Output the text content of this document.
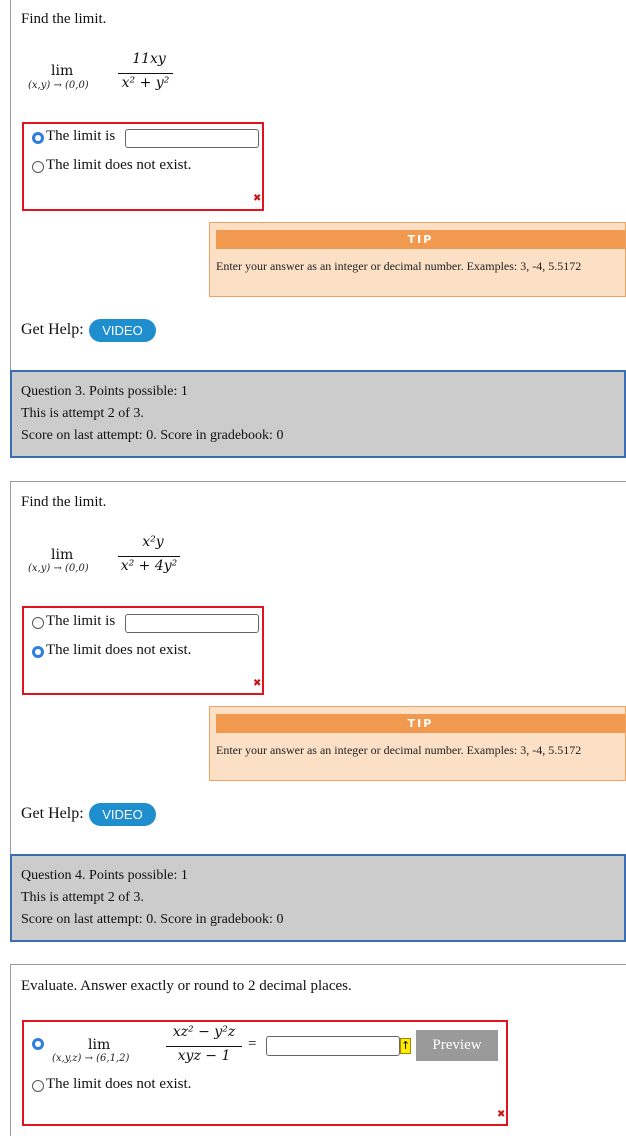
Find the limit.
lim
(x,y) → (0,0)
11xy
x² + y²
The limit is
The limit does not exist.
✖
TIP
Enter your answer as an integer or decimal number. Examples: 3, -4, 5.5172
Get Help:	VIDEO
Question 3. Points possible: 1
This is attempt 2 of 3.
Score on last attempt: 0. Score in gradebook: 0
Find the limit.
lim
(x,y) → (0,0)
x²y
x² + 4y²
The limit is
The limit does not exist.
✖
TIP
Enter your answer as an integer or decimal number. Examples: 3, -4, 5.5172
Get Help:	VIDEO
Question 4. Points possible: 1
This is attempt 2 of 3.
Score on last attempt: 0. Score in gradebook: 0
Evaluate. Answer exactly or round to 2 decimal places.
lim
(x,y,z) → (6,1,2)
xz² − y²z
xyz − 1
=	↑	Preview
The limit does not exist.
✖
